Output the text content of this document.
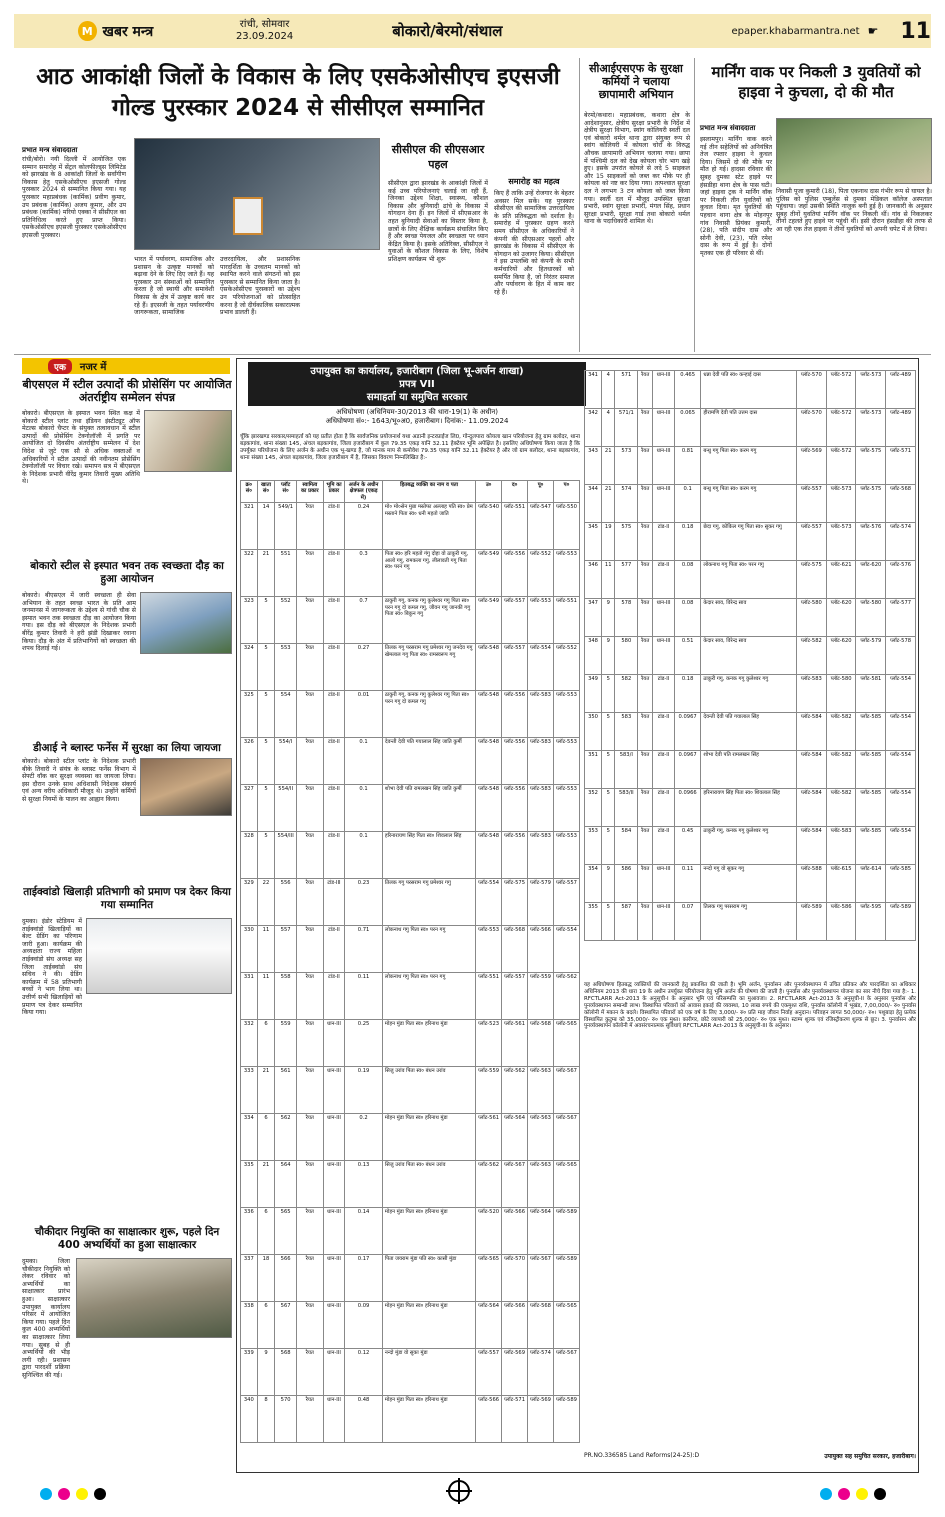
M खबर मन्त्र	रांची, सोमवार
23.09.2024	बोकारो/बेरमो/संथाल	epaper.khabarmantra.net ☛ 11
आठ आकांक्षी जिलों के विकास के लिए एसकेओसीएच इएसजी गोल्ड पुरस्कार 2024 से सीसीएल सम्मानित
प्रभात मन्त्र संवाददाता
रांची/बोरो। नयी दिल्ली में आयोजित एक सम्मान समारोह में सेंट्रल कोलफील्ड्स लिमिटेड को झारखंड के 8 आकांक्षी जिलों के सर्वांगीण विकास हेतु एसकेओसीएच इएसजी गोल्ड पुरस्कार 2024 से सम्मानित किया गया। यह पुरस्कार महाप्रबंधक (कार्मिक) प्रवीण कुमार, उप प्रबंधक (कार्मिक) अजय कुमार, और उप प्रबंधक (कार्मिक) मरियो एक्का ने सीसीएल का प्रतिनिधित्व करते हुए प्राप्त किया। एसकेओसीएच इएसजी पुरस्कार एसकेओसीएच इएसजी पुरस्कार।
भारत में पर्यावरण, सामाजिक और प्रशासन के उत्कृष्ट मानकों को बढ़ावा देने के लिए दिए जाते हैं। यह पुरस्कार उन संस्थाओं को सम्मानित करता है जो स्थायी और समावेशी विकास के क्षेत्र में उत्कृष्ट कार्य कर रहे हैं। इएसजी के तहत पर्यावरणीय जागरूकता, सामाजिक
उत्तरदायित्व, और प्रशासनिक पारदर्शिता के उच्चतम मानकों को स्थापित करने वाले संगठनों को इस पुरस्कार से सम्मानित किया जाता है। एसकेओसीएच पुरस्कारों का उद्देश्य उन परियोजनाओं को प्रोत्साहित करना है जो दीर्घकालिक सकारात्मक प्रभाव डालती हैं।
सीसीएल की सीएसआर पहल
सीसीएल द्वारा झारखंड के आकांक्षी जिलों में कई उच्च परियोजनाएं चलाई जा रही हैं, जिनका उद्देश्य शिक्षा, स्वास्थ्य, कौशल विकास और बुनियादी ढांचे के विकास में योगदान देना है। इन जिलों में सीएसआर के तहत बुनियादी सेवाओं का विस्तार किया है, छात्रों के लिए शैक्षिक कार्यक्रम संचालित किए हैं और स्वच्छ पेयजल और स्वच्छता पर ध्यान केंद्रित किया है। इसके अतिरिक्त, सीसीएल ने युवाओं के कौशल विकास के लिए, विशेष प्रशिक्षण कार्यक्रम भी शुरू
समारोह का महत्व
किए हैं ताकि उन्हें रोजगार के बेहतर अवसर मिल सकें। यह पुरस्कार सीसीएल की सामाजिक उत्तरदायित्व के प्रति प्रतिबद्धता को दर्शाता है। समारोह में पुरस्कार ग्रहण करते समय सीसीएल के अधिकारियों ने कंपनी की सीएसआर पहलों और झारखंड के विकास में सीसीएल के योगदान को उजागर किया। सीसीएल ने इस उपलब्धि को कंपनी के सभी कर्मचारियों और हितधारकों को समर्पित किया है, जो निरंतर समाज और पर्यावरण के हित में काम कर रहे हैं।
सीआईएसएफ के सुरक्षा कर्मियों ने चलाया छापामारी अभियान
बेरमो/कथारा। महाप्रबंधक, कथारा क्षेत्र के आदेशानुसार, क्षेत्रीय सुरक्षा प्रभारी के निर्देश में क्षेत्रीय सुरक्षा विभाग, स्वांग कोलियरी स्वर्ती दल एवं बोकारो थर्मल थाना द्वारा संयुक्त रूप से स्वांग कोलियरी में कोयला चोरों के विरुद्ध औचक छापामारी अभियान चलाया गया। छापा में पश्चिमी दल को देख कोयला चोर भाग खड़े हुए। इसके उपरांत कोयले से लदे 5 साइकल और 15 साइकलों को जब्त कर मौके पर ही कोयला को नष्ट कर दिया गया। तत्पश्चात सुरक्षा दल ने लगभग 3 टन कोयला को जब्त किया गया। स्वर्ती दल में मौजूद उपस्थित सुरक्षा प्रभारी, स्वांग सुरक्षा प्रभारी, मंगल सिंह, प्रधान सुरक्षा प्रभारी, सुरक्षा गार्ड तथा बोकारो थर्मल थाना के पदाधिकारी शामिल थे।
मार्निंग वाक पर निकली 3 युवतियों को हाइवा ने कुचला, दो की मौत
प्रभात मन्त्र संवाददाता
इस्लामपुर। मार्निंग वाक करने गई तीन सहेलियों को अनियंत्रित तेज रफ्तार हाइवा ने कुचल दिया। जिसमें दो की मौके पर मौत हो गई। हादसा रविवार की सुबह दुमका स्टेट हाइवे पर हंसडीहा थाना क्षेत्र के पास घटी। जहां हाइवा ट्रक ने मार्निंग वॉक पर निकली तीन युवतियों को कुचल दिया। मृत युवतियों की पहचान थाना क्षेत्र के मोहनपुर गांव निवासी प्रियंका कुमारी, (28), पति संदीप दास और सोनी देवी, (23), पति रमेश दास के रूप में हुई है। दोनों मृतका एक ही परिवार से थीं।
निवासी पूजा कुमारी (18), पिता एकनाथ दास गंभीर रूप से घायल है। पुलिस को पुलिस एम्बुलेंस से दुमका मेडिकल कॉलेज अस्पताल पहुंचाया। जहां उसकी स्थिति नाजुक बनी हुई है। जानकारी के अनुसार सुबह तीनों युवतियां मार्निंग वॉक पर निकली थीं। गांव से निकलकर तीनों टहलते हुए हाइवे पर पहुंची थीं। इसी दौरान हंसडीहा की तरफ से आ रही एक तेज हाइवा ने तीनों युवतियों को अपनी चपेट में ले लिया।
एक	नजर में
बीएसएल में स्टील उत्पादों की प्रोसेसिंग पर आयोजित अंतर्राष्ट्रीय सम्मेलन संपन्न
बोकारो। बीएसएल के इस्पात भवन स्थित कक्ष में बोकारो स्टील प्लांट तथा इंडियन इंस्टीट्यूट ऑफ मेटल्स बोकारो चैप्टर के संयुक्त तत्वावधान में स्टील उत्पादों की प्रोसेसिंग टेक्नोलॉजी में प्रगति पर आयोजित दो दिवसीय अंतर्राष्ट्रीय सम्मेलन में देश विदेश से जुटे एक सौ से अधिक वक्ताओं व अधिकारियों ने स्टील उत्पादों की नवीनतम प्रोसेसिंग टेक्नोलॉजी पर विचार रखे। समापन सत्र में बीएसएल के निदेशक प्रभारी वीरेंद्र कुमार तिवारी मुख्य अतिथि थे।
बोकारो स्टील से इस्पात भवन तक स्वच्छता दौड़ का हुआ आयोजन
बोकारो। बीएसएल में जारी स्वच्छता ही सेवा अभियान के तहत स्वच्छ भारत के प्रति आम जनमानस में जागरूकता के उद्देश्य से गांधी चौक से इस्पात भवन तक स्वच्छता दौड़ का आयोजन किया गया। इस दौड़ को बीएसएल के निदेशक प्रभारी बीरेंद्र कुमार तिवारी ने हरी झंडी दिखाकर रवाना किया। दौड़ के अंत में प्रतिभागियों को स्वच्छता की शपथ दिलाई गई।
डीआई ने ब्लास्ट फर्नेस में सुरक्षा का लिया जायजा
बोकारो। बोकारो स्टील प्लांट के निदेशक प्रभारी बीके तिवारी ने संयंत्र के ब्लास्ट फर्नेस विभाग में सेफ्टी वॉक कर सुरक्षा व्यवस्था का जायजा लिया। इस दौरान उनके साथ अधिशासी निदेशक संकार्य एवं अन्य वरीय अधिकारी मौजूद थे। उन्होंने कर्मियों से सुरक्षा नियमों के पालन का आह्वान किया।
ताईक्वांडो खिलाड़ी प्रतिभागी को प्रमाण पत्र देकर किया गया सम्मानित
दुमका। इंडोर स्टेडियम में ताईक्वांडो खिलाड़ियों का बेल्ट ग्रेडिंग का परिणाम जारी हुआ। कार्यक्रम की अध्यक्षता राज्य महिला ताईक्वांडो संघ अध्यक्ष सह जिला ताईक्वांडो संघ सचिव ने की। ग्रेडिंग कार्यक्रम में 58 प्रतिभागी बच्चों ने भाग लिया था। उत्तीर्ण सभी खिलाड़ियों को प्रमाण पत्र देकर सम्मानित किया गया।
चौकीदार नियुक्ति का साक्षात्कार शुरू, पहले दिन 400 अभ्यर्थियों का हुआ साक्षात्कार
दुमका। जिला चौकीदार नियुक्ति को लेकर रविवार को अभ्यर्थियों का साक्षात्कार प्रारंभ हुआ। साक्षात्कार उपायुक्त कार्यालय परिसर में आयोजित किया गया। पहले दिन कुल 400 अभ्यर्थियों का साक्षात्कार लिया गया। सुबह से ही अभ्यर्थियों की भीड़ लगी रही। प्रशासन द्वारा पारदर्शी प्रक्रिया सुनिश्चित की गई।
उपायुक्त का कार्यालय, हजारीबाग (जिला भू-अर्जन शाखा)
प्रपत्र VII
समाहर्ता या समुचित सरकार
अधिघोषणा (अधिनियम-30/2013 की धारा-19(1) के अधीन)
अधिघोषणा सं०:- 1643/भू०अ0, हजारीबाग। दिनांक:- 11.09.2024
चूँकि झारखण्ड सरकार/समाहर्ता को यह प्रतीत होता है कि सार्वजनिक प्रयोजनार्थ यथा अडानी इन्टरप्राईज लि0, गोन्दुलपारा कोयला खान परियोजना हेतु ग्राम बलोदर, थाना बड़कागांव, थाना संख्या 145, अंचल बड़कागांव, जिला हजारीबाग में कुल 79.35 एकड़ यानि 32.11 हेक्टेयर भूमि अपेक्षित है। इसलिए अधिघोषणा किया जाता है कि उपर्युक्त परियोजना के लिए अर्जन के अधीन एक भू-खण्ड है, जो मानक माप से कमोवेश 79.35 एकड़ यानि 32.11 हेक्टेयर है और जो ग्राम बलोदर, थाना बड़कागांव, थाना संख्या 145, अंचल बड़कागांव, जिला हजारीबाग में है, जिसका विवरण निम्नलिखित है:-
क्र० सं०	खाता सं०	प्लॉट सं०	स्वामित्व का प्रकार	भूमि का प्रकार	अर्जन के अधीन क्षेत्रफल (एकड़ में)	हितबद्ध व्यक्ति का नाम व पता	उ०	द०	पू०	प०
321	14	549/1	रैयत	टांड-II	0.24	मो० मो०सेन मुन्ना मस्तेफा अल्लाह पति स्व० प्रेम मस्ताने पिता स्व० धनी महतो जाति	प्लॉट-540	प्लॉट-551	प्लॉट-547	प्लॉट-550
322	21	551	रैयत	टांड-II	0.3	पिता स्व० हरि महतो गंगु दोहा वो ठाकुरी गगु, आलो गगु, रामकला गगु, लीलावती गगु पिता स्व० परन गगु	प्लॉट-549	प्लॉट-556	प्लॉट-552	प्लॉट-553
323	5	552	रैयत	टांड-II	0.7	ठाकुरी गगु, कनक गगु कुलेश्वर गगु पिता स्व० परन गगु दो कमल गगु, जीवन गगु जानकी गगु पिता स्व० बिकुन गगु	प्लॉट-549	प्लॉट-557	प्लॉट-553	प्लॉट-551
324	5	553	रैयत	टांड-II	0.27	तिलक गगु परसराम गगु प्रमेश्वर गगु जनदेव गगु खेमलाल गगु पिता स्व० रामस्वरूप गगु	प्लॉट-548	प्लॉट-557	प्लॉट-554	प्लॉट-552
325	5	554	रैयत	टांड-II	0.01	ठाकुरी गगु, कनक गगु कुलेश्वर गगु पिता स्व० परन गगु दो कमल गगु	प्लॉट-548	प्लॉट-556	प्लॉट-583	प्लॉट-553
326	5	554/I	रैयत	टांड-II	0.1	देवन्ती देवी पति गयालाल सिंह जाति कुर्मी	प्लॉट-548	प्लॉट-556	प्लॉट-583	प्लॉट-553
327	5	554/II	रैयत	टांड-II	0.1	शोभा देवी पति रामलखन सिंह जाति कुर्मी	प्लॉट-548	प्लॉट-556	प्लॉट-583	प्लॉट-553
328	5	554/III	रैयत	टांड-II	0.1	हरिनारायण सिंह पिता स्व० शिवलाल सिंह	प्लॉट-548	प्लॉट-556	प्लॉट-583	प्लॉट-553
329	22	556	रैयत	टांड-III	0.23	तिलक गगु परसराम गगु प्रमेश्वर गगु	प्लॉट-554	प्लॉट-575	प्लॉट-579	प्लॉट-557
330	11	557	रैयत	टांड-II	0.71	लोकनाथ गगु पिता स्व० परन गगु	प्लॉट-553	प्लॉट-568	प्लॉट-566	प्लॉट-554
331	11	558	रैयत	टांड-II	0.11	लोकनाथ गगु पिता स्व० परन गगु	प्लॉट-551	प्लॉट-557	प्लॉट-559	प्लॉट-562
332	6	559	रैयत	धान-III	0.25	मोहन मुंडा पिता स्व० हरिनाथ मुंडा	प्लॉट-523	प्लॉट-561	प्लॉट-568	प्लॉट-565
333	21	561	रैयत	धान-III	0.19	सिजु उरांव पिता स्व० बंधन उरांव	प्लॉट-559	प्लॉट-562	प्लॉट-563	प्लॉट-567
334	6	562	रैयत	धान-III	0.2	मोहन मुंडा पिता स्व० हरिनाथ मुंडा	प्लॉट-561	प्लॉट-564	प्लॉट-563	प्लॉट-567
335	21	564	रैयत	धान-III	0.13	सिजु उरांव पिता स्व० बंधन उरांव	प्लॉट-562	प्लॉट-567	प्लॉट-563	प्लॉट-565
336	6	565	रैयत	धान-III	0.14	मोहन मुंडा पिता स्व० हरिनाथ मुंडा	प्लॉट-520	प्लॉट-566	प्लॉट-564	प्लॉट-589
337	18	566	रैयत	धान-III	0.17	पिता जयराम मुंडा पति स्व० कासी मुंडा	प्लॉट-565	प्लॉट-570	प्लॉट-567	प्लॉट-589
338	6	567	रैयत	धान-III	0.09	मोहन मुंडा पिता स्व० हरिनाथ मुंडा	प्लॉट-564	प्लॉट-566	प्लॉट-568	प्लॉट-565
339	9	568	रैयत	धान-III	0.12	नन्दो मुंडा वो सुका मुंडा	प्लॉट-557	प्लॉट-569	प्लॉट-574	प्लॉट-567
340	8	570	रैयत	धान-III	0.48	मोहन मुंडा पिता स्व० हरिनाथ मुंडा	प्लॉट-566	प्लॉट-571	प्लॉट-569	प्लॉट-589
341	4	571	रैयत	धान-III	0.465	धन्ना देवी पति स्व० कन्हाई दास	प्लॉट-570	प्लॉट-572	प्लॉट-573	प्लॉट-489
342	4	571/1	रैयत	धान-III	0.065	हीरामणि देवी पति उत्तम दास	प्लॉट-570	प्लॉट-572	प्लॉट-573	प्लॉट-489
343	21	573	रैयत	धान-III	0.81	बन्धु गगु पिता स्व० करम गगु	प्लॉट-569	प्लॉट-572	प्लॉट-575	प्लॉट-571
344	21	574	रैयत	धान-III	0.1	बन्धु गगु पिता स्व० करम गगु	प्लॉट-557	प्लॉट-573	प्लॉट-575	प्लॉट-568
345	19	575	रैयत	टांड-II	0.18	छेदा गगु, कोकिल गगु पिता स्व० सुकर गगु	प्लॉट-557	प्लॉट-573	प्लॉट-576	प्लॉट-574
346	11	577	रैयत	टांड-II	0.08	लोकनाथ गगु पिता स्व० परन गगु	प्लॉट-575	प्लॉट-621	प्लॉट-620	प्लॉट-576
347	9	578	रैयत	धान-III	0.08	केदार साव, विरेन्द्र साव	प्लॉट-580	प्लॉट-620	प्लॉट-580	प्लॉट-577
348	9	580	रैयत	धान-III	0.51	केदार साव, विरेन्द्र साव	प्लॉट-582	प्लॉट-620	प्लॉट-579	प्लॉट-578
349	5	582	रैयत	टांड-II	0.18	ठाकुरी गगु, कनक गगु कुलेश्वर गगु	प्लॉट-583	प्लॉट-580	प्लॉट-581	प्लॉट-554
350	5	583	रैयत	टांड-II	0.0967	देवन्ती देवी पति गयालाल सिंह	प्लॉट-584	प्लॉट-582	प्लॉट-585	प्लॉट-554
351	5	583/I	रैयत	टांड-II	0.0967	शोभा देवी पति रामलखन सिंह	प्लॉट-584	प्लॉट-582	प्लॉट-585	प्लॉट-554
352	5	583/II	रैयत	टांड-II	0.0966	हरिनारायण सिंह पिता स्व० शिवलाल सिंह	प्लॉट-584	प्लॉट-582	प्लॉट-585	प्लॉट-554
353	5	584	रैयत	टांड-II	0.45	ठाकुरी गगु, कनक गगु कुलेश्वर गगु	प्लॉट-584	प्लॉट-583	प्लॉट-585	प्लॉट-554
354	9	586	रैयत	धान-III	0.11	नन्दो गगु वो सुकर गगु	प्लॉट-588	प्लॉट-615	प्लॉट-614	प्लॉट-585
355	5	587	रैयत	धान-III	0.07	तिलक गगु परसराम गगु	प्लॉट-589	प्लॉट-586	प्लॉट-595	प्लॉट-589
यह अधिघोषणा हितबद्ध व्यक्तियों की जानकारी हेतु प्रकाशित की जाती है। भूमि अर्जन, पुनर्वासन और पुनर्व्यवस्थापन में उचित प्रतिकर और पारदर्शिता का अधिकार अधिनियम 2013 की धारा 19 के अधीन उपर्युक्त परियोजना हेतु भूमि अर्जन की घोषणा की जाती है। पुनर्वास और पुनर्व्यवस्थापन योजना का सार नीचे दिया गया है:- 1. RFCTLARR Act-2013 के अनुसूची-I के अनुसार भूमि एवं परिसम्पत्ति का मुआवजा। 2. RFCTLARR Act-2013 के अनुसूची-II के अनुसार पुनर्वास और पुनर्व्यवस्थापन सम्बन्धी लाभ। विस्थापित परिवारों को आवास इकाई की व्यवस्था, 10 लाख रुपये की एकमुश्त राशि, पुनर्वास कॉलोनी में भूखंड, 7,00,000/- रु० पुनर्वास कॉलोनी में मकान के बदले। विस्थापित परिवारों को एक वर्ष के लिए 3,000/- रु० प्रति माह जीवन निर्वाह अनुदान। परिवहन लागत 50,000/- रु०। पशुबाड़ा हेतु प्रत्येक विस्थापित कुटुम्ब को 35,000/- रु० एक मुश्त। कारीगर, छोटे व्यापारी को 25,000/- रु० एक मुश्त। स्टाम्प शुल्क एवं रजिस्ट्रीकरण शुल्क से छूट। 3. पुनर्वासन और पुनर्व्यवस्थापन कॉलोनी में अवसंरचनात्मक सुविधाएं RFCTLARR Act-2013 के अनुसूची-III के अनुसार।
PR.NO.336585 Land Reforms(24-25):D	उपायुक्त सह समुचित सरकार, हजारीबाग।
